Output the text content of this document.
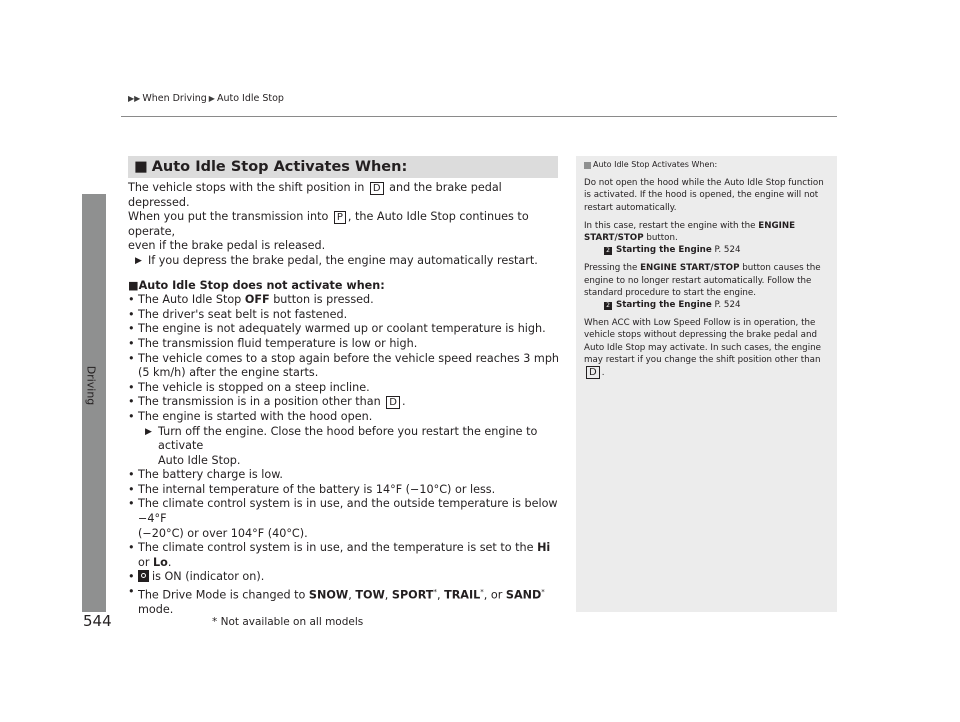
▶▶ When Driving ▶ Auto Idle Stop
Driving
■ Auto Idle Stop Activates When:

The vehicle stops with the shift position in D and the brake pedal depressed.

When you put the transmission into P , the Auto Idle Stop continues to operate,

even if the brake pedal is released.

▶ If you depress the brake pedal, the engine may automatically restart.

■Auto Idle Stop does not activate when:

• The Auto Idle Stop OFF button is pressed.

• The driver's seat belt is not fastened.

• The engine is not adequately warmed up or coolant temperature is high.

• The transmission fluid temperature is low or high.

• The vehicle comes to a stop again before the vehicle speed reaches 3 mph
(5 km/h) after the engine starts.

• The vehicle is stopped on a steep incline.

• The transmission is in a position other than D .

• The engine is started with the hood open.

▶ Turn off the engine. Close the hood before you restart the engine to activate
Auto Idle Stop.

• The battery charge is low.

• The internal temperature of the battery is 14°F (−10°C) or less.

• The climate control system is in use, and the outside temperature is below −4°F
(−20°C) or over 104°F (40°C).

• The climate control system is in use, and the temperature is set to the Hi or Lo.

• is ON (indicator on).

• The Drive Mode is changed to SNOW, TOW, SPORT*, TRAIL*, or SAND* mode.

Auto Idle Stop Activates When:

Do not open the hood while the Auto Idle Stop function is activated. If the hood is opened, the engine will not restart automatically.

In this case, restart the engine with the ENGINE START/STOP button.

2 Starting the Engine P. 524

Pressing the ENGINE START/STOP button causes the engine to no longer restart automatically. Follow the standard procedure to start the engine.

2 Starting the Engine P. 524

When ACC with Low Speed Follow is in operation, the vehicle stops without depressing the brake pedal and Auto Idle Stop may activate. In such cases, the engine may restart if you change the shift position other than D .

544	* Not available on all models
